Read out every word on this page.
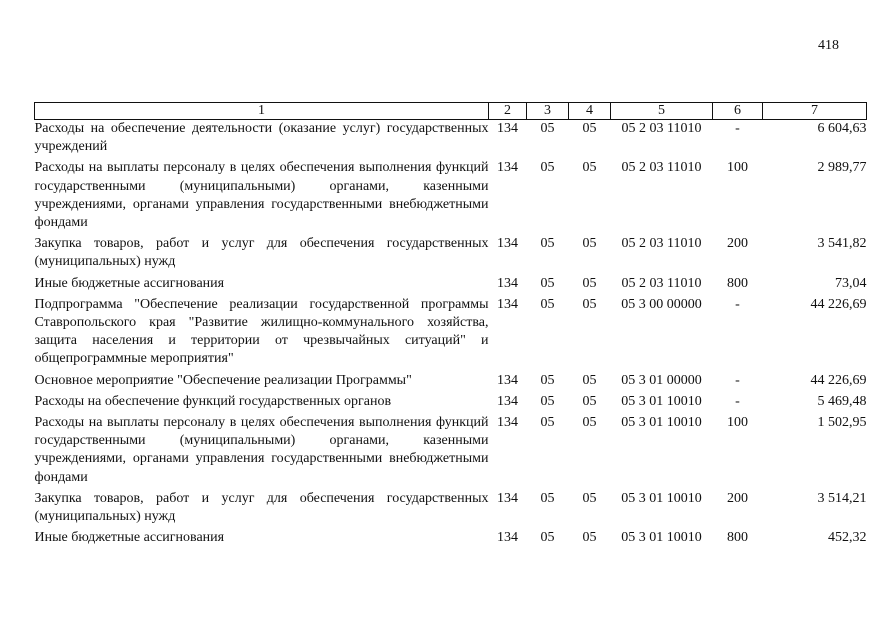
418
1	2	3	4	5	6	7
Расходы на обеспечение деятельности (оказание услуг) государственных учреждений	134	05	05	05 2 03 11010	-	6 604,63
Расходы на выплаты персоналу в целях обеспечения выполнения функций государственными (муниципальными) органами, казенными учреждениями, органами управления государственными внебюджетными фондами	134	05	05	05 2 03 11010	100	2 989,77
Закупка товаров, работ и услуг для обеспечения государственных (муниципальных) нужд	134	05	05	05 2 03 11010	200	3 541,82
Иные бюджетные ассигнования	134	05	05	05 2 03 11010	800	73,04
Подпрограмма "Обеспечение реализации государственной программы Ставропольского края "Развитие жилищно-коммунального хозяйства, защита населения и территории от чрезвычайных ситуаций" и общепрограммные мероприятия"	134	05	05	05 3 00 00000	-	44 226,69
Основное мероприятие "Обеспечение реализации Программы"	134	05	05	05 3 01 00000	-	44 226,69
Расходы на обеспечение функций государственных органов	134	05	05	05 3 01 10010	-	5 469,48
Расходы на выплаты персоналу в целях обеспечения выполнения функций государственными (муниципальными) органами, казенными учреждениями, органами управления государственными внебюджетными фондами	134	05	05	05 3 01 10010	100	1 502,95
Закупка товаров, работ и услуг для обеспечения государственных (муниципальных) нужд	134	05	05	05 3 01 10010	200	3 514,21
Иные бюджетные ассигнования	134	05	05	05 3 01 10010	800	452,32
